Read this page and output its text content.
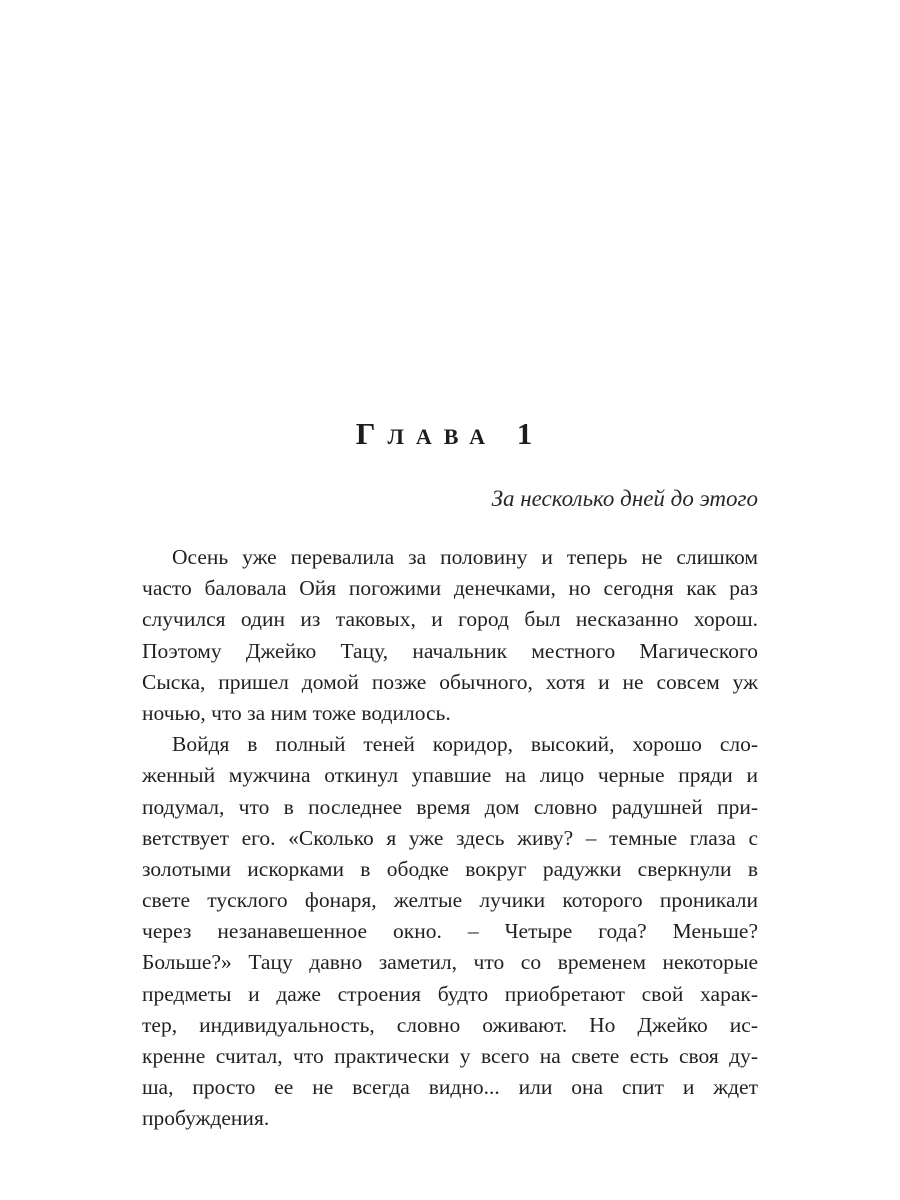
Глава 1
За несколько дней до этого
Осень уже перевалила за половину и теперь не слишком
часто баловала Ойя погожими денечками, но сегодня как раз
случился один из таковых, и город был несказанно хорош.
Поэтому Джейко Тацу, начальник местного Магического
Сыска, пришел домой позже обычного, хотя и не совсем уж
ночью, что за ним тоже водилось.
Войдя в полный теней коридор, высокий, хорошо сло-
женный мужчина откинул упавшие на лицо черные пряди и
подумал, что в последнее время дом словно радушней при-
ветствует его. «Сколько я уже здесь живу? – темные глаза с
золотыми искорками в ободке вокруг радужки сверкнули в
свете тусклого фонаря, желтые лучики которого проникали
через незанавешенное окно. – Четыре года? Меньше?
Больше?» Тацу давно заметил, что со временем некоторые
предметы и даже строения будто приобретают свой харак-
тер, индивидуальность, словно оживают. Но Джейко ис-
кренне считал, что практически у всего на свете есть своя ду-
ша, просто ее не всегда видно... или она спит и ждет
пробуждения.
